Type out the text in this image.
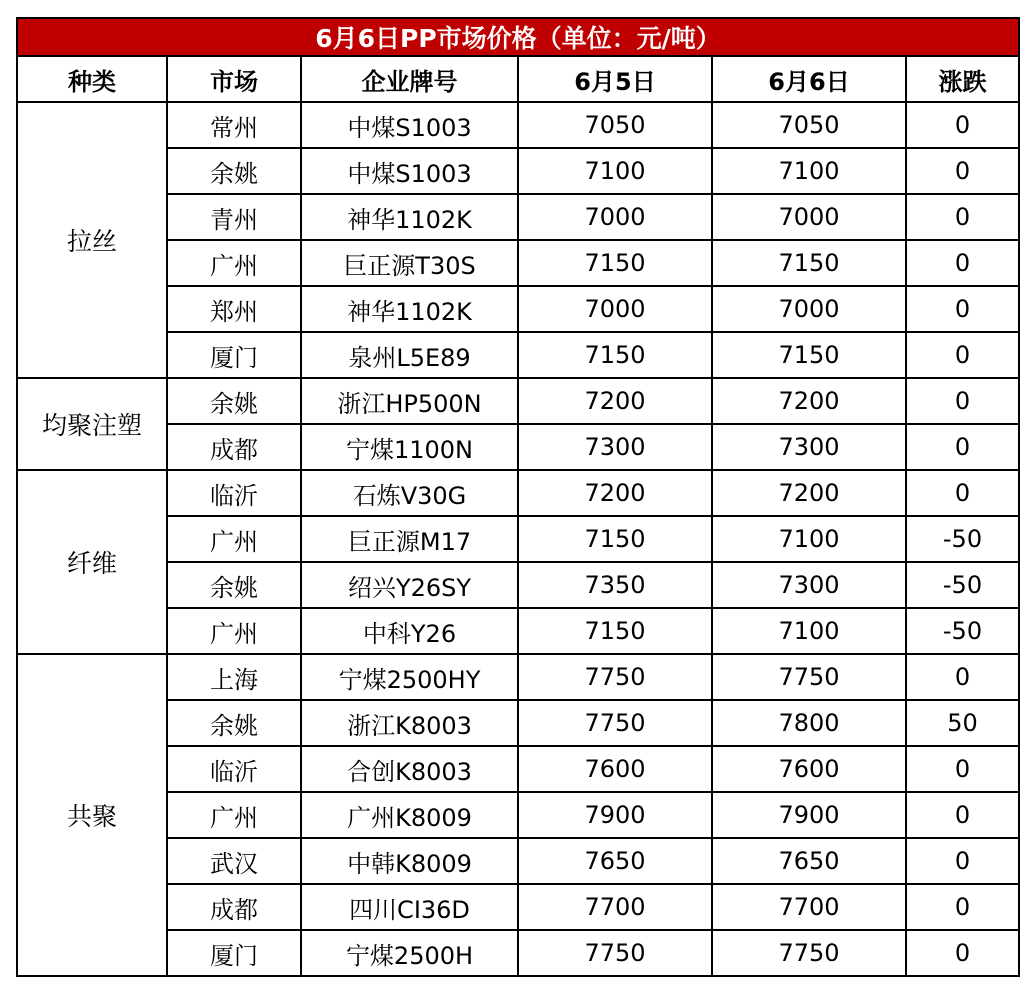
6月6日PP市场价格（单位：元/吨）					
种类	市场	企业牌号	6月5日	6月6日	涨跌
拉丝	常州	中煤S1003	7050	7050	0
	余姚	中煤S1003	7100	7100	0
	青州	神华1102K	7000	7000	0
	广州	巨正源T30S	7150	7150	0
	郑州	神华1102K	7000	7000	0
	厦门	泉州L5E89	7150	7150	0
均聚注塑	余姚	浙江HP500N	7200	7200	0
	成都	宁煤1100N	7300	7300	0
纤维	临沂	石炼V30G	7200	7200	0
	广州	巨正源M17	7150	7100	-50
	余姚	绍兴Y26SY	7350	7300	-50
	广州	中科Y26	7150	7100	-50
共聚	上海	宁煤2500HY	7750	7750	0
	余姚	浙江K8003	7750	7800	50
	临沂	合创K8003	7600	7600	0
	广州	广州K8009	7900	7900	0
	武汉	中韩K8009	7650	7650	0
	成都	四川CI36D	7700	7700	0
	厦门	宁煤2500H	7750	7750	0
